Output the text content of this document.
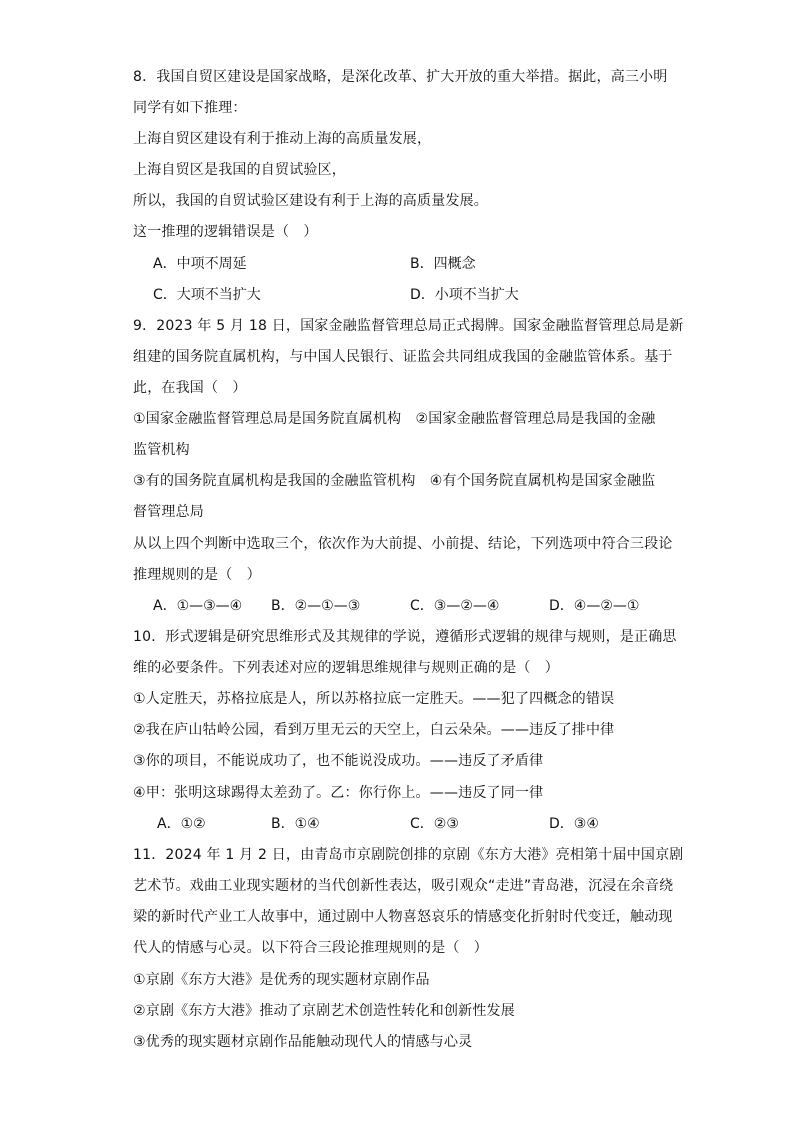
8．我国自贸区建设是国家战略，是深化改革、扩大开放的重大举措。据此，高三小明
同学有如下推理：
上海自贸区建设有利于推动上海的高质量发展，
上海自贸区是我国的自贸试验区，
所以，我国的自贸试验区建设有利于上海的高质量发展。
这一推理的逻辑错误是（　）
A．中项不周延	B．四概念
C．大项不当扩大	D．小项不当扩大
9．2023 年 5 月 18 日，国家金融监督管理总局正式揭牌。国家金融监督管理总局是新
组建的国务院直属机构，与中国人民银行、证监会共同组成我国的金融监管体系。基于
此，在我国（　）
①国家金融监督管理总局是国务院直属机构　②国家金融监督管理总局是我国的金融
监管机构
③有的国务院直属机构是我国的金融监管机构　④有个国务院直属机构是国家金融监
督管理总局
从以上四个判断中选取三个，依次作为大前提、小前提、结论，下列选项中符合三段论
推理规则的是（　）
A．①—③—④ B．②—①—③	C．③—②—④	D．④—②—①
10．形式逻辑是研究思维形式及其规律的学说，遵循形式逻辑的规律与规则，是正确思
维的必要条件。下列表述对应的逻辑思维规律与规则正确的是（　）
①人定胜天，苏格拉底是人，所以苏格拉底一定胜天。——犯了四概念的错误
②我在庐山牯岭公园，看到万里无云的天空上，白云朵朵。——违反了排中律
③你的项目，不能说成功了，也不能说没成功。——违反了矛盾律
④甲：张明这球踢得太差劲了。乙：你行你上。——违反了同一律
A．①②	B．①④	C．②③	D．③④
11．2024 年 1 月 2 日，由青岛市京剧院创排的京剧《东方大港》亮相第十届中国京剧
艺术节。戏曲工业现实题材的当代创新性表达，吸引观众“走进”青岛港，沉浸在余音绕
梁的新时代产业工人故事中，通过剧中人物喜怒哀乐的情感变化折射时代变迁，触动现
代人的情感与心灵。以下符合三段论推理规则的是（　）
①京剧《东方大港》是优秀的现实题材京剧作品
②京剧《东方大港》推动了京剧艺术创造性转化和创新性发展
③优秀的现实题材京剧作品能触动现代人的情感与心灵
